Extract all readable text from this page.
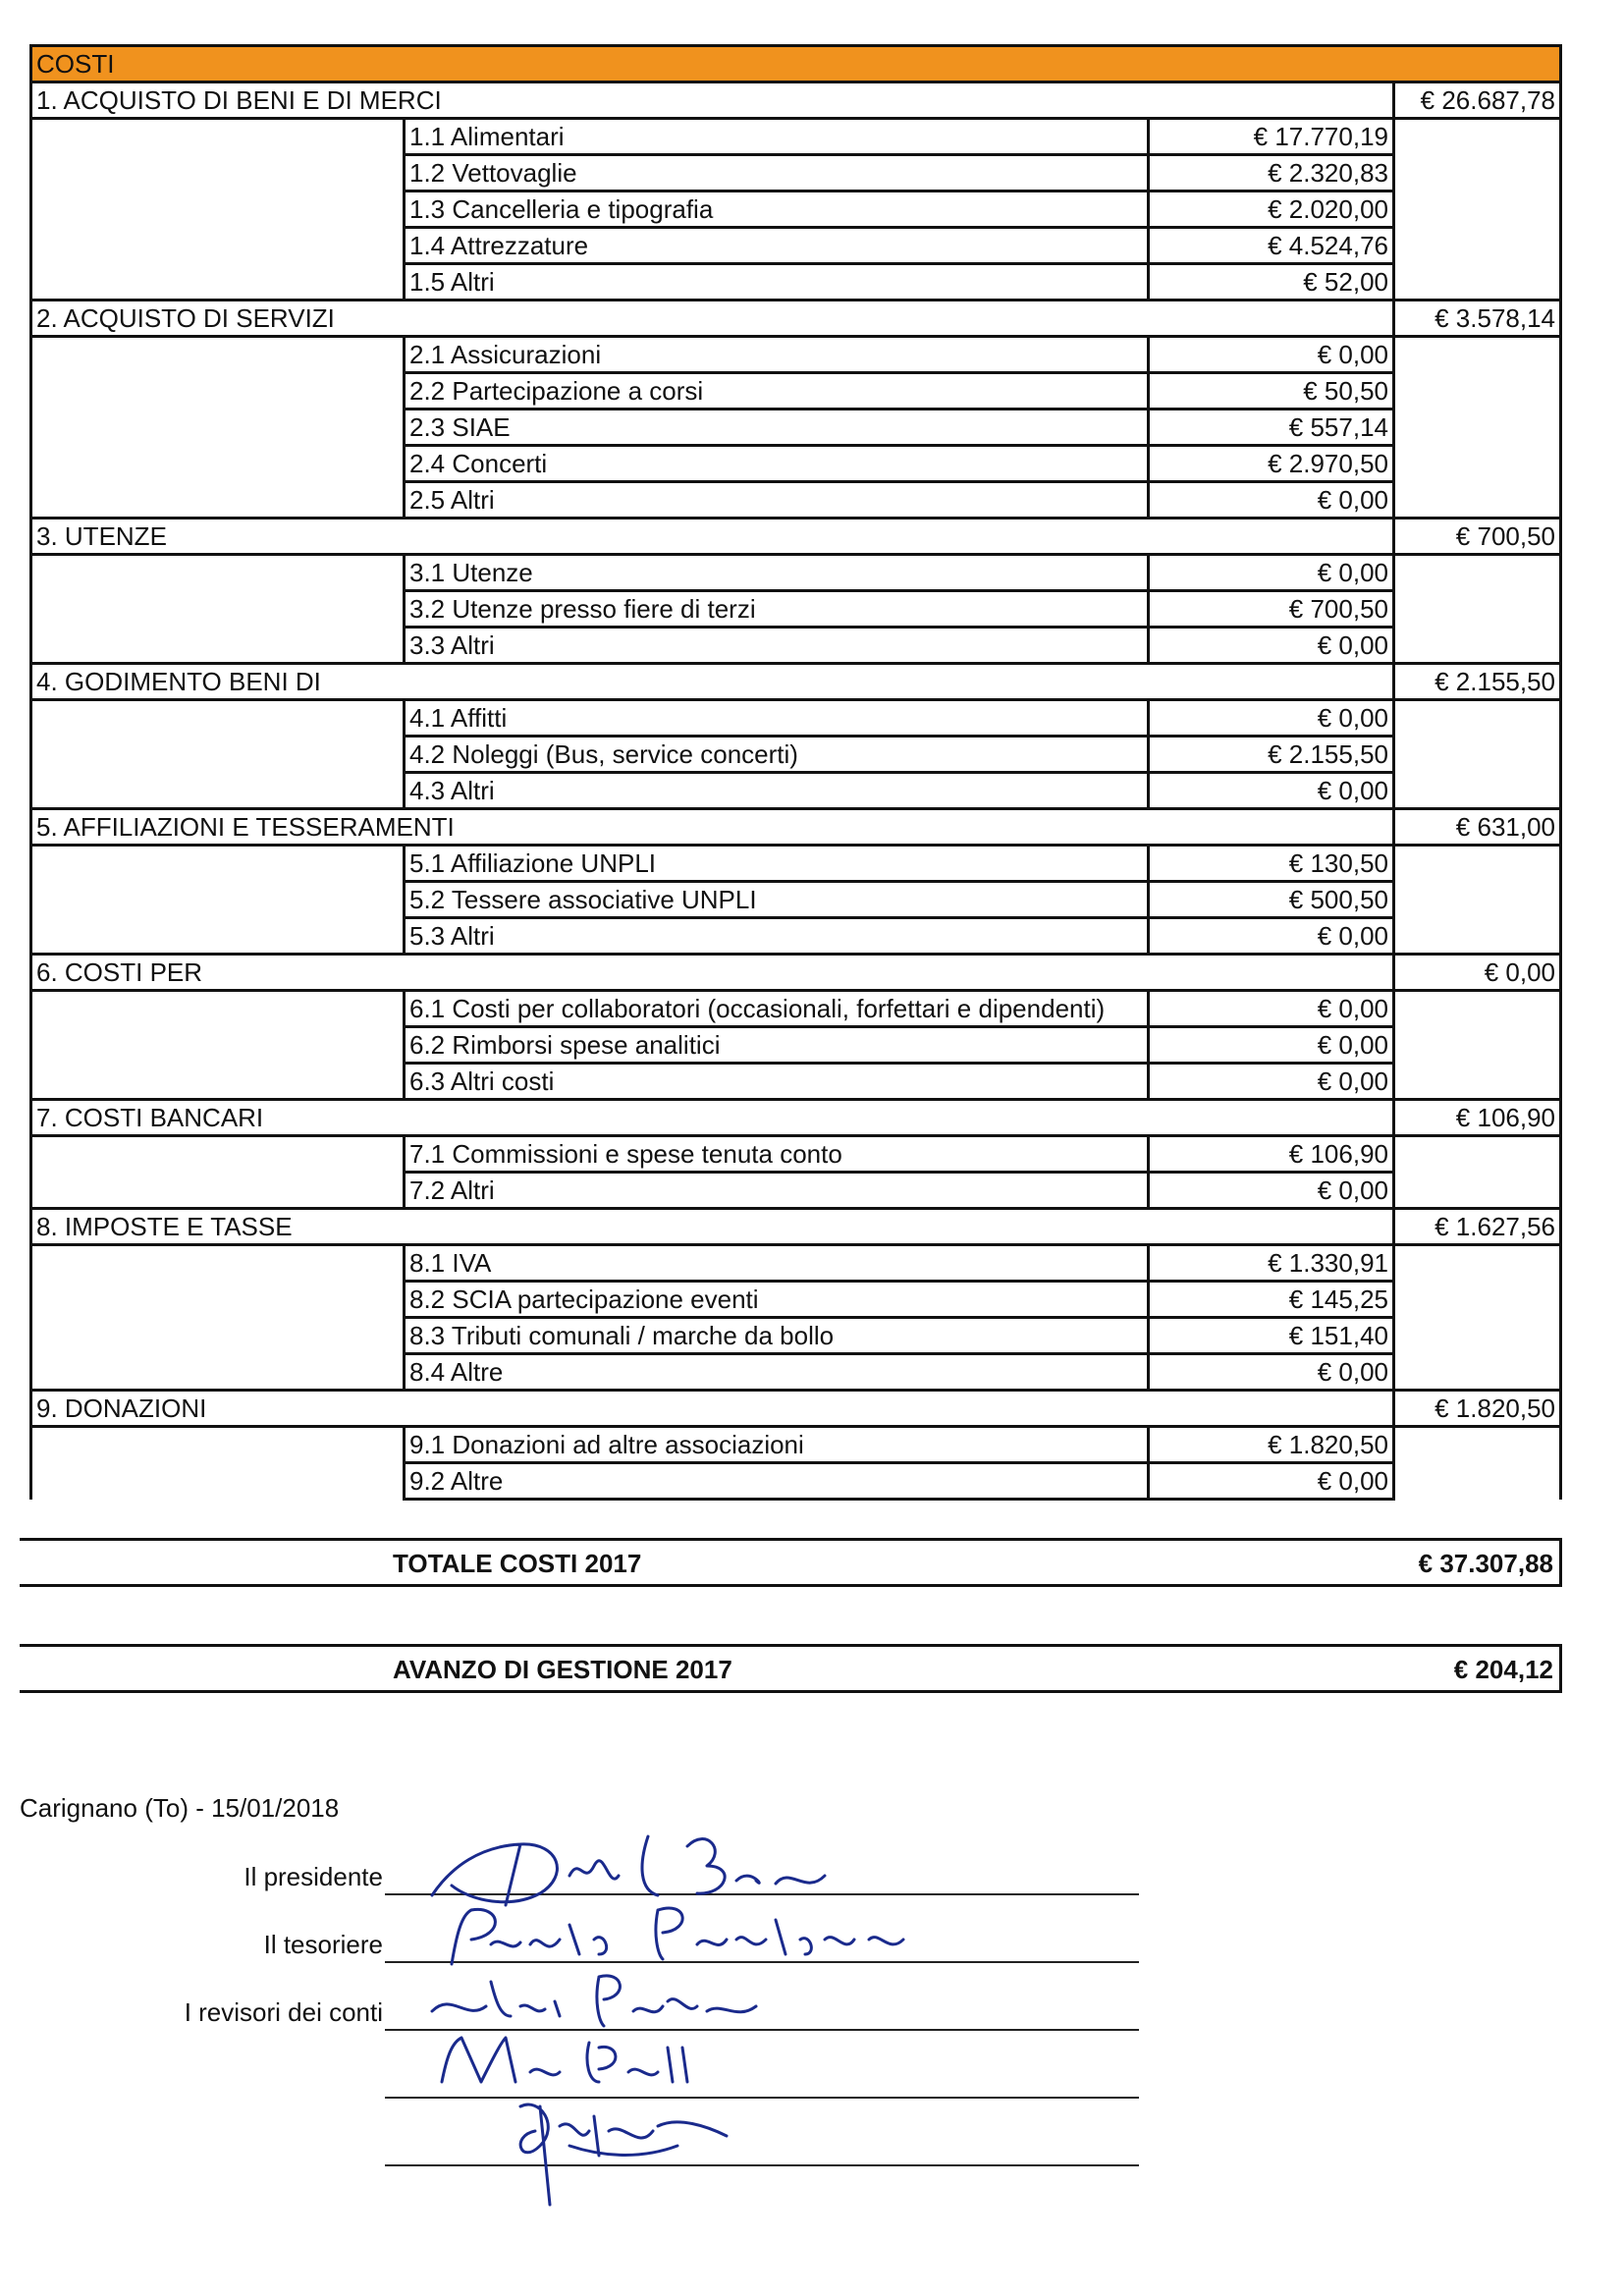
COSTI			
1. ACQUISTO DI BENI E DI MERCI			€ 26.687,78
	1.1 Alimentari	€ 17.770,19	
	1.2 Vettovaglie	€ 2.320,83	
	1.3 Cancelleria e tipografia	€ 2.020,00	
	1.4 Attrezzature	€ 4.524,76	
	1.5 Altri	€ 52,00	
2. ACQUISTO DI SERVIZI			€ 3.578,14
	2.1 Assicurazioni	€ 0,00	
	2.2 Partecipazione a corsi	€ 50,50	
	2.3 SIAE	€ 557,14	
	2.4 Concerti	€ 2.970,50	
	2.5 Altri	€ 0,00	
3. UTENZE			€ 700,50
	3.1 Utenze	€ 0,00	
	3.2 Utenze presso fiere di terzi	€ 700,50	
	3.3 Altri	€ 0,00	
4. GODIMENTO BENI DI			€ 2.155,50
	4.1 Affitti	€ 0,00	
	4.2 Noleggi (Bus, service concerti)	€ 2.155,50	
	4.3 Altri	€ 0,00	
5. AFFILIAZIONI E TESSERAMENTI			€ 631,00
	5.1 Affiliazione UNPLI	€ 130,50	
	5.2 Tessere associative UNPLI	€ 500,50	
	5.3 Altri	€ 0,00	
6. COSTI PER			€ 0,00
	6.1 Costi per collaboratori (occasionali, forfettari e dipendenti)	€ 0,00	
	6.2 Rimborsi spese analitici	€ 0,00	
	6.3 Altri costi	€ 0,00	
7. COSTI BANCARI			€ 106,90
	7.1 Commissioni e spese tenuta conto	€ 106,90	
	7.2 Altri	€ 0,00	
8. IMPOSTE E TASSE			€ 1.627,56
	8.1 IVA	€ 1.330,91	
	8.2 SCIA partecipazione eventi	€ 145,25	
	8.3 Tributi comunali / marche da bollo	€ 151,40	
	8.4 Altre	€ 0,00	
9. DONAZIONI			€ 1.820,50
	9.1 Donazioni ad altre associazioni	€ 1.820,50	
	9.2 Altre	€ 0,00	
TOTALE COSTI 2017	€ 37.307,88
AVANZO DI GESTIONE 2017	€ 204,12
Carignano (To) - 15/01/2018
Il presidente
Il tesoriere
I revisori dei conti
